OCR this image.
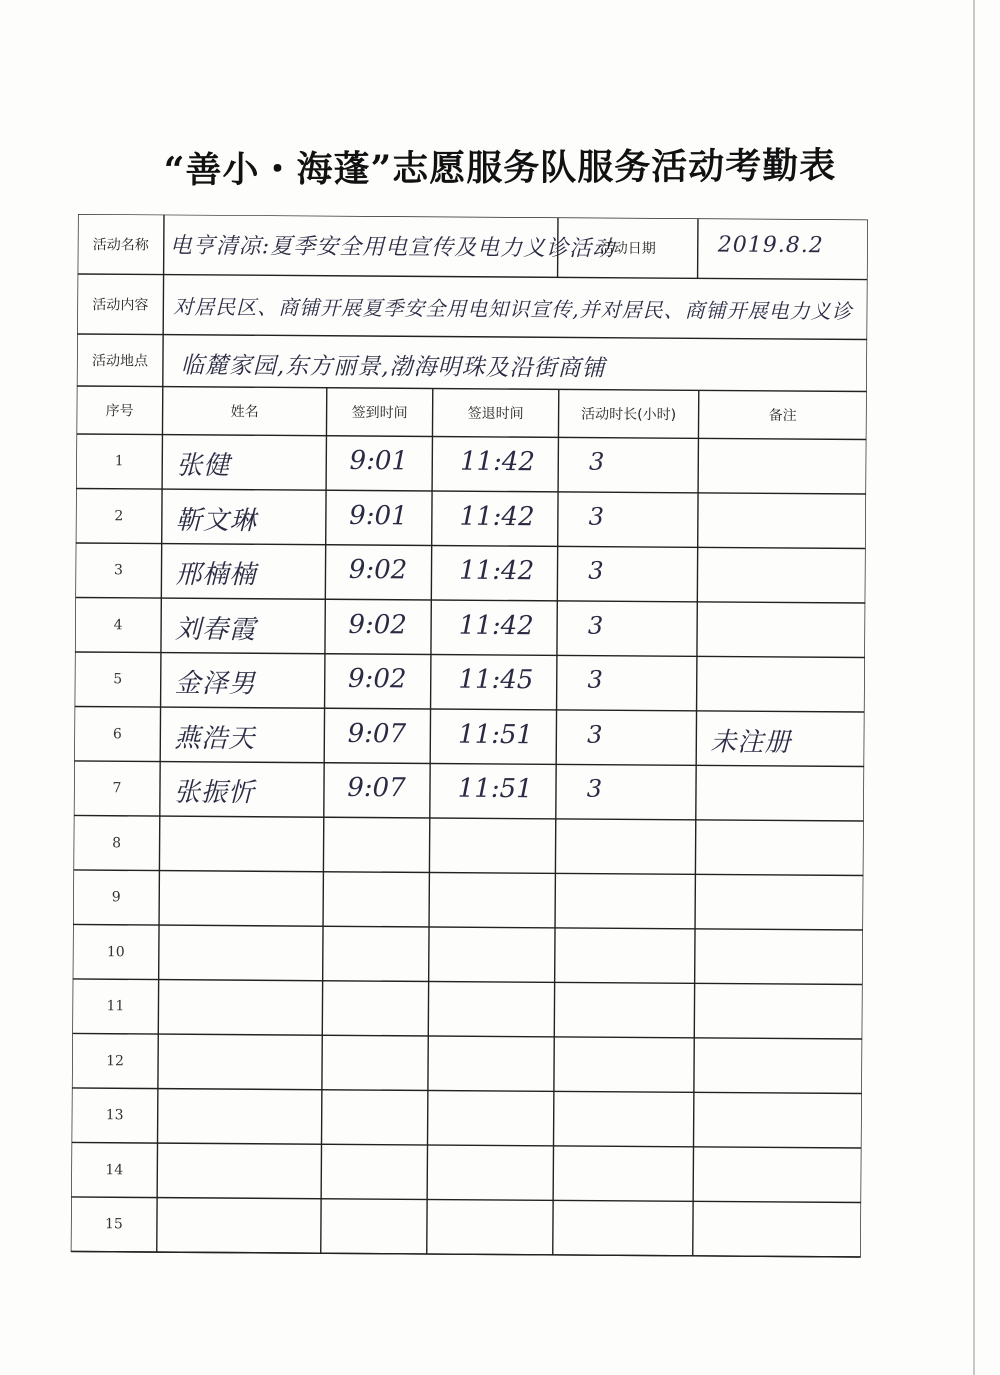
“善小・海蓬”志愿服务队服务活动考勤表
活动名称 电亨清凉:夏季安全用电宣传及电力义诊活动
活动日期	2019.8.2
活动内容	对居民区、商铺开展夏季安全用电知识宣传,并对居民、商铺开展电力义诊
活动地点	临麓家园,东方丽景,渤海明珠及沿街商铺
序号	姓名	签到时间	签退时间	活动时长(小时)	备注
1	张健	9:01 11:42 3
2	靳文琳	9:01 11:42 3
3	邢楠楠	9:02 11:42 3
4	刘春霞	9:02 11:42 3
5	金泽男	9:02 11:45 3
6	燕浩天	9:07 11:51 3	未注册
7	张振忻	9:07 11:51 3
8
9
10
11
12
13
14
15
